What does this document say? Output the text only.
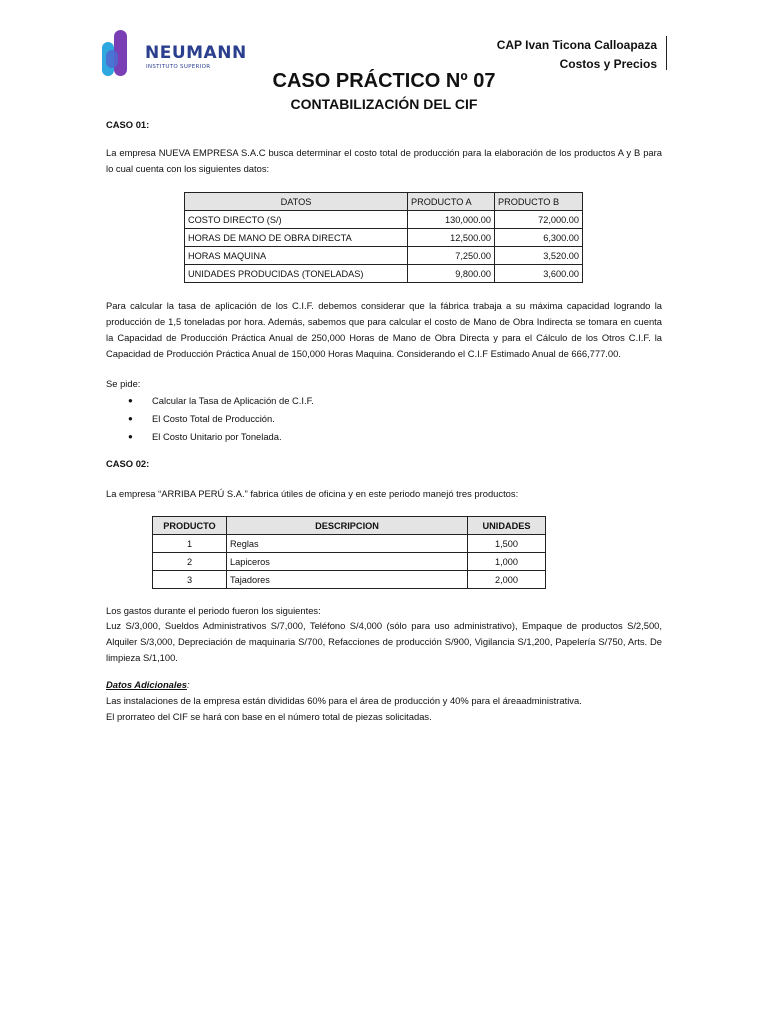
NEUMANN
INSTITUTO SUPERIOR
CAP Ivan Ticona Calloapaza
Costos y Precios
CASO PRÁCTICO Nº 07
CONTABILIZACIÓN DEL CIF
CASO 01:
La empresa NUEVA EMPRESA S.A.C busca determinar el costo total de producción para la elaboración de los productos A y B para lo cual cuenta con los siguientes datos:
DATOS	PRODUCTO A	PRODUCTO B
COSTO DIRECTO (S/)	130,000.00	72,000.00
HORAS DE MANO DE OBRA DIRECTA	12,500.00	6,300.00
HORAS MAQUINA	7,250.00	3,520.00
UNIDADES PRODUCIDAS (TONELADAS)	9,800.00	3,600.00
Para calcular la tasa de aplicación de los C.I.F. debemos considerar que la fábrica trabaja a su máxima capacidad logrando la producción de 1,5 toneladas por hora. Además, sabemos que para calcular el costo de Mano de Obra Indirecta se tomara en cuenta la Capacidad de Producción Práctica Anual de 250,000 Horas de Mano de Obra Directa y para el Cálculo de los Otros C.I.F. la Capacidad de Producción Práctica Anual de 150,000 Horas Maquina. Considerando el C.I.F Estimado Anual de 666,777.00.
Se pide:
● Calcular la Tasa de Aplicación de C.I.F.
● El Costo Total de Producción.
● El Costo Unitario por Tonelada.
CASO 02:
La empresa “ARRIBA PERÚ S.A.” fabrica útiles de oficina y en este periodo manejó tres productos:
PRODUCTO	DESCRIPCION	UNIDADES
1	Reglas	1,500
2	Lapiceros	1,000
3	Tajadores	2,000
Los gastos durante el periodo fueron los siguientes:
Luz S/3,000, Sueldos Administrativos S/7,000, Teléfono S/4,000 (sólo para uso administrativo), Empaque de productos S/2,500, Alquiler S/3,000, Depreciación de maquinaria S/700, Refacciones de producción S/900, Vigilancia S/1,200, Papelería S/750, Arts. De limpieza S/1,100.
Datos Adicionales:
Las instalaciones de la empresa están divididas 60% para el área de producción y 40% para el áreaadministrativa.
El prorrateo del CIF se hará con base en el número total de piezas solicitadas.
